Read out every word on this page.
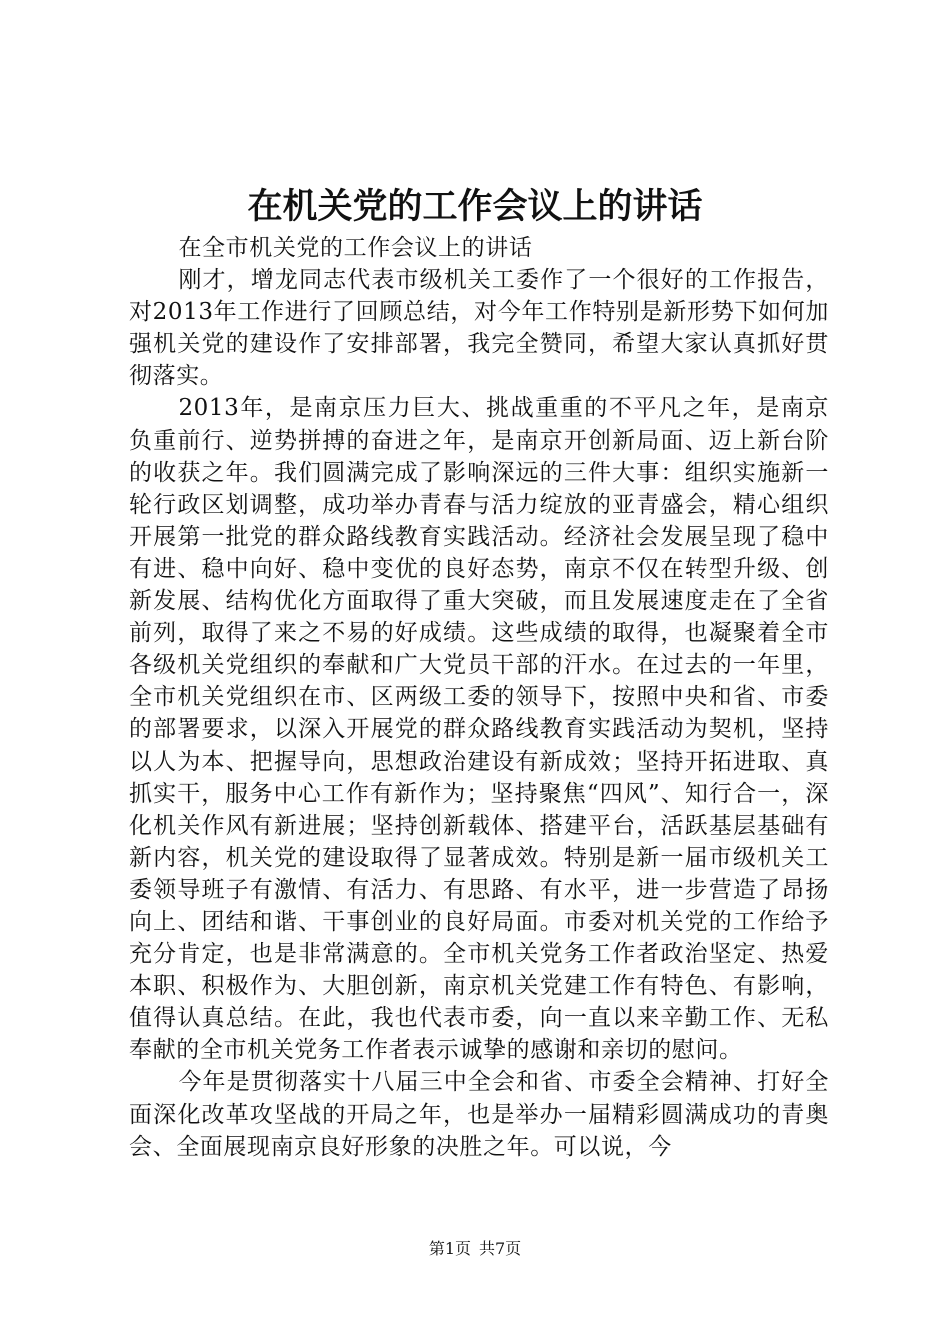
在机关党的工作会议上的讲话

在全市机关党的工作会议上的讲话

刚才，增龙同志代表市级机关工委作了一个很好的工作报告，对2013年工作进行了回顾总结，对今年工作特别是新形势下如何加强机关党的建设作了安排部署，我完全赞同，希望大家认真抓好贯彻落实。

2013年，是南京压力巨大、挑战重重的不平凡之年，是南京负重前行、逆势拼搏的奋进之年，是南京开创新局面、迈上新台阶的收获之年。我们圆满完成了影响深远的三件大事：组织实施新一轮行政区划调整，成功举办青春与活力绽放的亚青盛会，精心组织开展第一批党的群众路线教育实践活动。经济社会发展呈现了稳中有进、稳中向好、稳中变优的良好态势，南京不仅在转型升级、创新发展、结构优化方面取得了重大突破，而且发展速度走在了全省前列，取得了来之不易的好成绩。这些成绩的取得，也凝聚着全市各级机关党组织的奉献和广大党员干部的汗水。在过去的一年里，全市机关党组织在市、区两级工委的领导下，按照中央和省、市委的部署要求，以深入开展党的群众路线教育实践活动为契机，坚持以人为本、把握导向，思想政治建设有新成效；坚持开拓进取、真抓实干，服务中心工作有新作为；坚持聚焦“四风”、知行合一，深化机关作风有新进展；坚持创新载体、搭建平台，活跃基层基础有新内容，机关党的建设取得了显著成效。特别是新一届市级机关工委领导班子有激情、有活力、有思路、有水平，进一步营造了昂扬向上、团结和谐、干事创业的良好局面。市委对机关党的工作给予充分肯定，也是非常满意的。全市机关党务工作者政治坚定、热爱本职、积极作为、大胆创新，南京机关党建工作有特色、有影响，值得认真总结。在此，我也代表市委，向一直以来辛勤工作、无私奉献的全市机关党务工作者表示诚挚的感谢和亲切的慰问。

今年是贯彻落实十八届三中全会和省、市委全会精神、打好全面深化改革攻坚战的开局之年，也是举办一届精彩圆满成功的青奥会、全面展现南京良好形象的决胜之年。可以说，今

第1页 共7页
